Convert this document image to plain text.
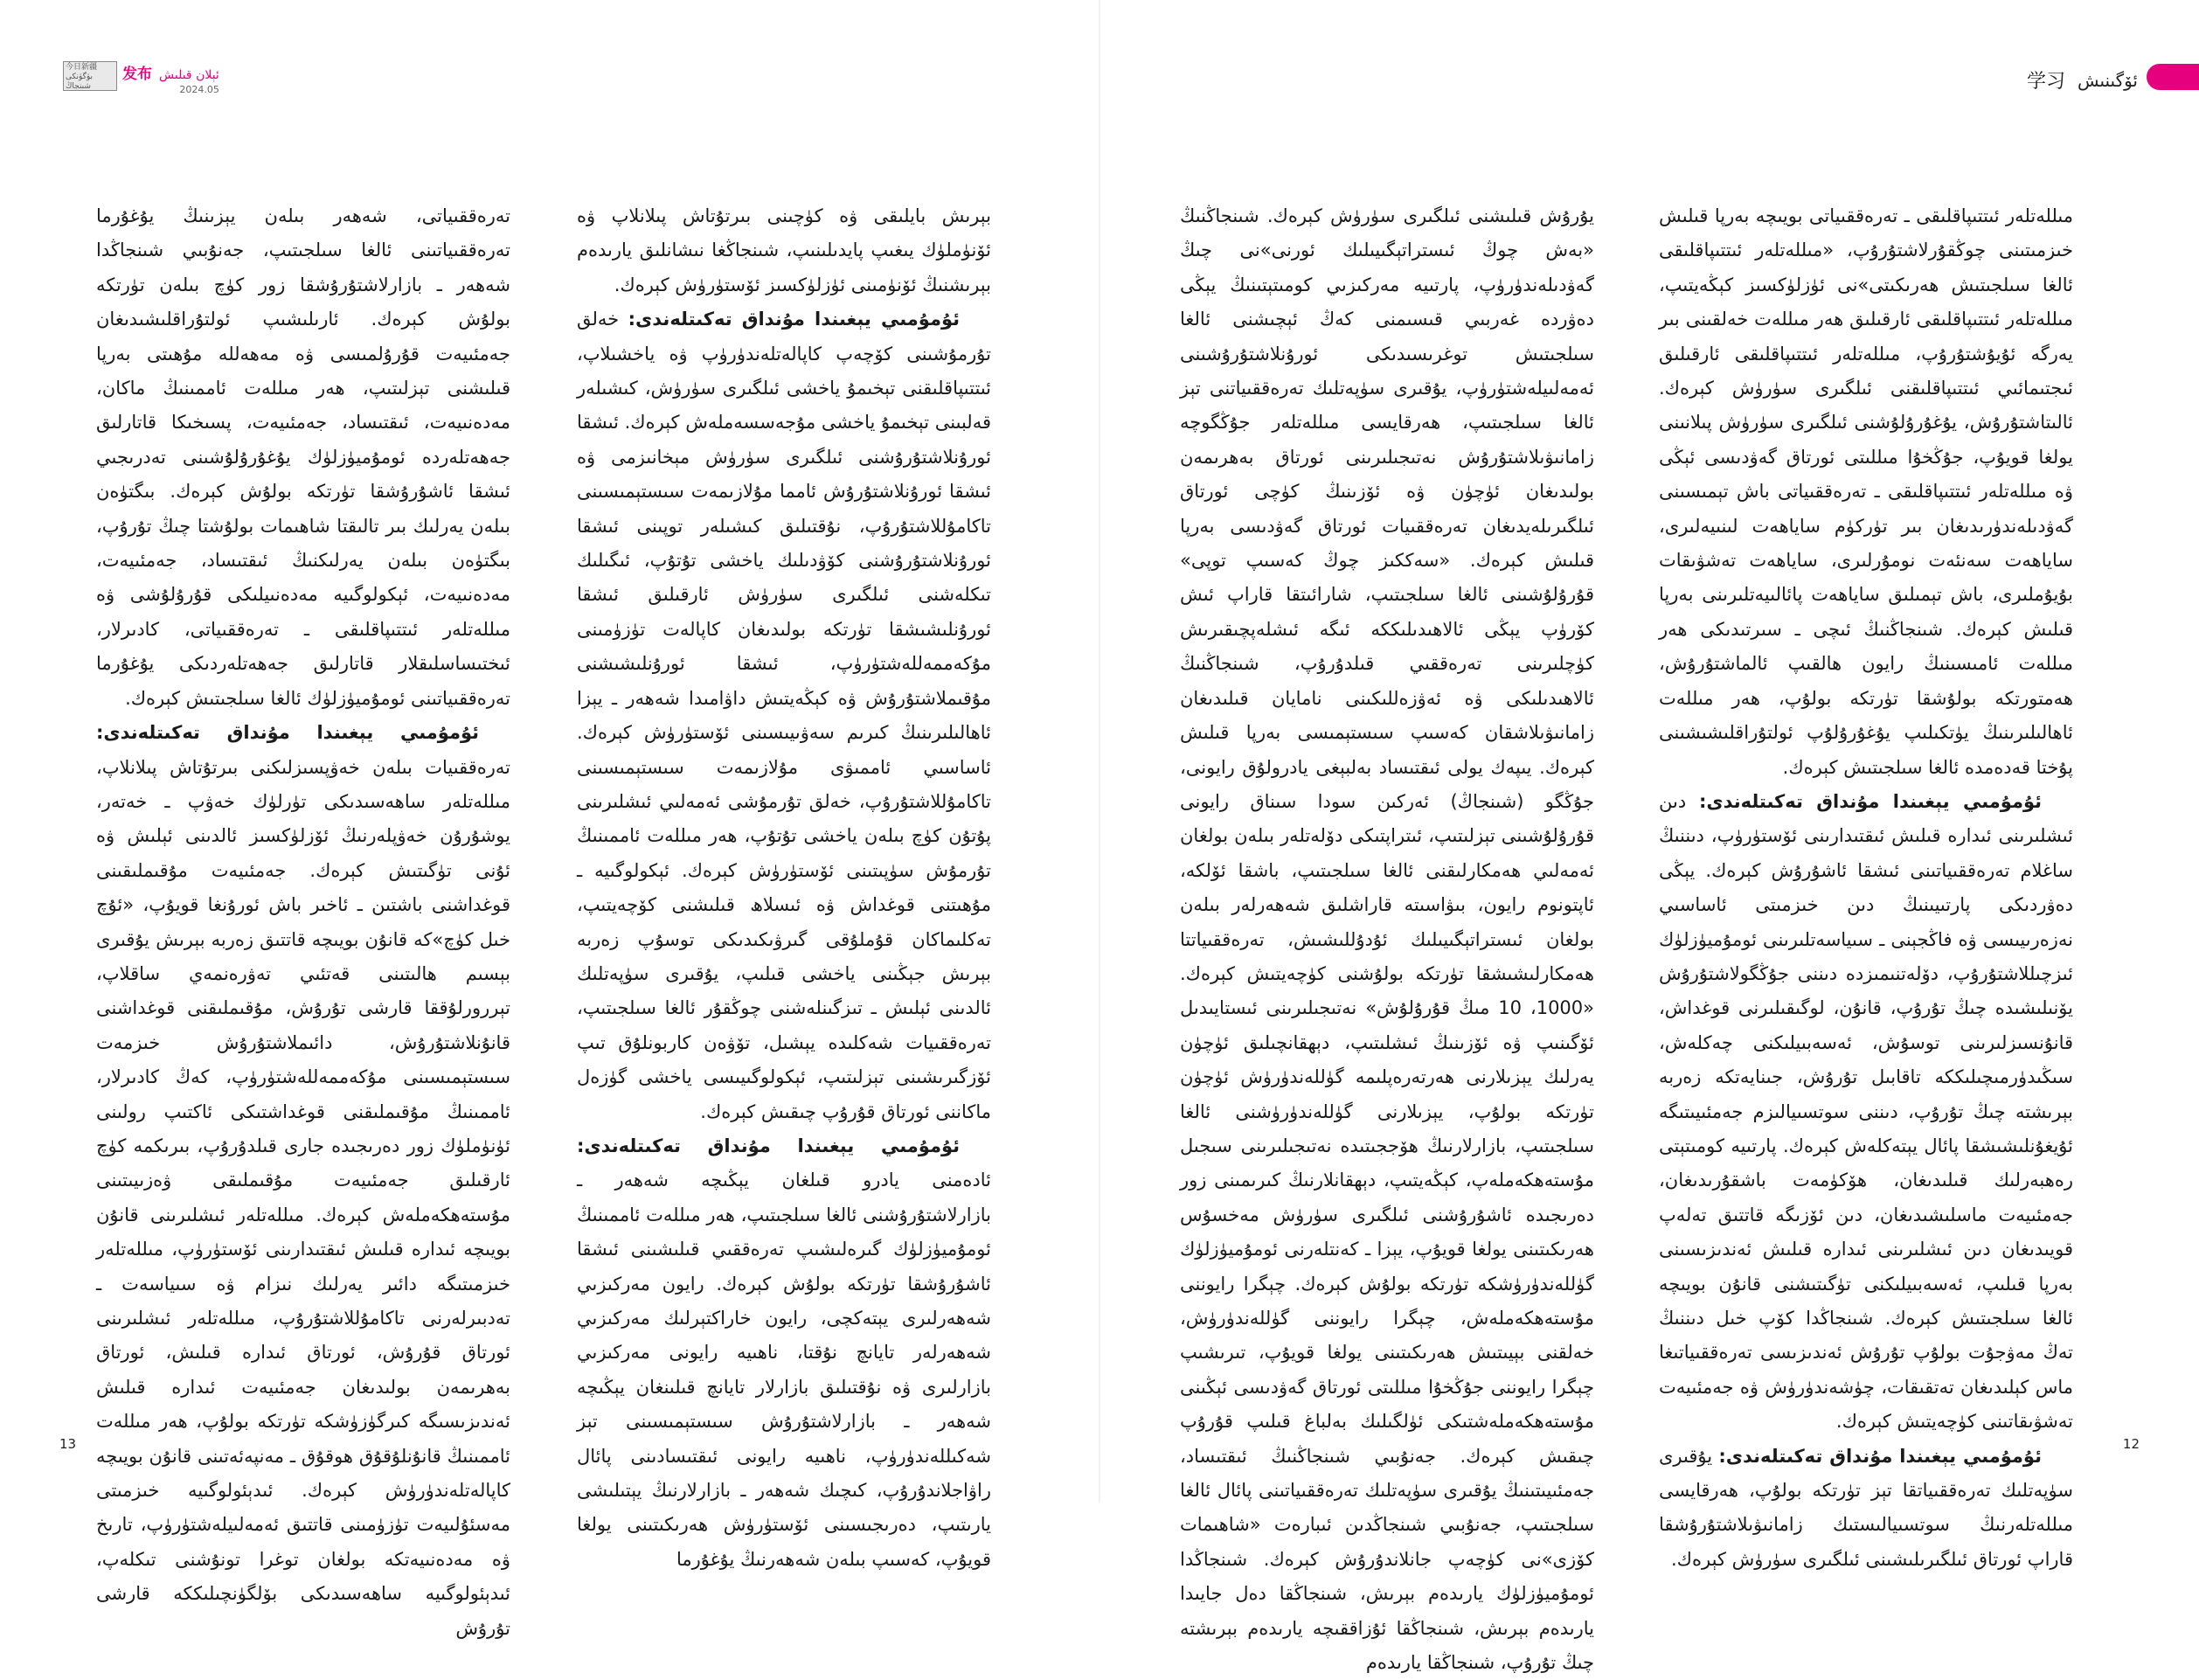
今日新疆 بۈگۈنكى شىنجاڭ
发布 ئېلان قىلىش
2024.05

تەرەققىياتى، شەھەر بىلەن يېزىنىڭ يۇغۇرما تەرەققىياتىنى ئالغا سىلجىتىپ، جەنۇبىي شىنجاڭدا شەھەر ـ بازارلاشتۇرۇشقا زور كۈچ بىلەن تۈرتكە بولۇش كېرەك. ئارىلىشىپ ئولتۇراقلىشىدىغان جەمئىيەت قۇرۇلمىسى ۋە مەھەللە مۇھىتى بەرپا قىلىشنى تېزلىتىپ، ھەر مىللەت ئاممىنىڭ ماكان، مەدەنىيەت، ئىقتىساد، جەمئىيەت، پسىخىكا قاتارلىق جەھەتلەردە ئومۇميۈزلۈك يۇغۇرۇلۇشىنى تەدرىجىي ئىشقا ئاشۇرۇشقا تۈرتكە بولۇش كېرەك. بىگتۈەن بىلەن يەرلىك بىر تالىقتا شاھىمات بولۇشتا چىڭ تۇرۇپ، بىگتۈەن بىلەن يەرلىكنىڭ ئىقتىساد، جەمئىيەت، مەدەنىيەت، ئېكولوگىيە مەدەنىيلىكى قۇرۇلۇشى ۋە مىللەتلەر ئىتتىپاقلىقى ـ تەرەققىياتى، كادىرلار، ئىختىساسلىقلار قاتارلىق جەھەتلەردىكى يۇغۇرما تەرەققىياتىنى ئومۇميۈزلۈك ئالغا سىلجىتىش كېرەك.

ئۇمۇمىي يېغىندا مۇنداق تەكىتلەندى: تەرەققىيات بىلەن خەۋپسىزلىكنى بىرتۇتاش پىلانلاپ، مىللەتلەر ساھەسىدىكى تۈرلۈك خەۋپ ـ خەتەر، يوشۇرۇن خەۋپلەرنىڭ ئۆزلۈكسىز ئالدىنى ئېلىش ۋە ئۇنى تۈگىتىش كېرەك. جەمئىيەت مۇقىملىقىنى قوغداشنى باشتىن ـ ئاخىر باش ئورۇنغا قويۇپ، «ئۇچ خىل كۈچ»كە قانۇن بويىچە قاتتىق زەربە بېرىش يۇقىرى بېسىم ھالىتىنى قەتئىي تەۋرەنمەي ساقلاپ، تېررورلۇققا قارشى تۇرۇش، مۇقىملىقنى قوغداشنى قانۇنلاشتۇرۇش، دائىملاشتۇرۇش خىزمەت سىستېمىسىنى مۇكەممەللەشتۈرۈپ، كەڭ كادىرلار، ئاممىنىڭ مۇقىملىقنى قوغداشتىكى ئاكتىپ رولىنى ئۈنۈملۈك زور دەرىجىدە جارى قىلدۇرۇپ، بىرىكمە كۈچ ئارقىلىق جەمئىيەت مۇقىملىقى ۋەزىيىتىنى مۇستەھكەملەش كېرەك. مىللەتلەر ئىشلىرىنى قانۇن بويىچە ئىدارە قىلىش ئىقتىدارىنى ئۆستۈرۈپ، مىللەتلەر خىزمىتىگە دائىر يەرلىك نىزام ۋە سىياسەت ـ تەدبىرلەرنى تاكامۇللاشتۇرۇپ، مىللەتلەر ئىشلىرىنى ئورتاق قۇرۇش، ئورتاق ئىدارە قىلىش، ئورتاق بەھرىمەن بولىدىغان جەمئىيەت ئىدارە قىلىش ئەندىزىسىگە كىرگۈزۈشكە تۈرتكە بولۇپ، ھەر مىللەت ئاممىنىڭ قانۇنلۇقۇق ھوقۇق ـ مەنپەئەتىنى قانۇن بويىچە كاپالەتلەندۈرۈش كېرەك. ئىدېئولوگىيە خىزمىتى مەسئۇلىيەت تۈزۈمىنى قاتتىق ئەمەلىيلەشتۈرۈپ، تارىخ ۋە مەدەنىيەتكە بولغان توغرا تونۇشنى تىكلەپ، ئىدېئولوگىيە ساھەسىدىكى بۆلگۈنچىلىككە قارشى تۇرۇش

بېرىش بايلىقى ۋە كۈچىنى بىرتۇتاش پىلانلاپ ۋە ئۆنۈملۈك يىغىپ پايدىلىنىپ، شىنجاڭغا نىشانلىق يارىدەم بېرىشنىڭ ئۆنۈمىنى ئۈزلۈكسىز ئۆستۈرۈش كېرەك.

ئۇمۇمىي يېغىندا مۇنداق تەكىتلەندى: خەلق تۇرمۇشىنى كۆچەپ كاپالەتلەندۈرۈپ ۋە ياخشىلاپ، ئىتتىپاقلىقنى تېخىمۇ ياخشى ئىلگىرى سۈرۈش، كىشىلەر قەلبىنى تېخىمۇ ياخشى مۇجەسسەملەش كېرەك. ئىشقا ئورۇنلاشتۇرۇشنى ئىلگىرى سۈرۈش مېخانىزمى ۋە ئىشقا ئورۇنلاشتۇرۇش ئامما مۇلازىمەت سىستېمىسىنى تاكامۇللاشتۇرۇپ، نۇقتىلىق كىشىلەر توپىنى ئىشقا ئورۇنلاشتۇرۇشنى كۆۋدىلىك ياخشى تۇتۇپ، ئىگىلىك تىكلەشنى ئىلگىرى سۈرۈش ئارقىلىق ئىشقا ئورۇنلىشىشقا تۈرتكە بولىدىغان كاپالەت تۈزۈمىنى مۇكەممەللەشتۈرۈپ، ئىشقا ئورۇنلىشىشنى مۇقىملاشتۇرۇش ۋە كېڭەيتىش داۋامىدا شەھەر ـ يېزا ئاھالىلىرىنىڭ كىرىم سەۋىيىسىنى ئۆستۈرۈش كېرەك. ئاساسىي ئاممىۋى مۇلازىمەت سىستېمىسىنى تاكامۇللاشتۇرۇپ، خەلق تۇرمۇشى ئەمەلىي ئىشلىرىنى پۇتۇن كۈچ بىلەن ياخشى تۇتۇپ، ھەر مىللەت ئاممىنىڭ تۇرمۇش سۈپىتىنى ئۆستۈرۈش كېرەك. ئېكولوگىيە ـ مۇھىتنى قوغداش ۋە ئىسلاھ قىلىشنى كۆچەيتىپ، تەكلىماكان قۇملۇقى گىرۋىكىدىكى توسۇپ زەربە بېرىش جېڭىنى ياخشى قىلىپ، يۇقىرى سۈپەتلىك ئالدىنى ئېلىش ـ تىزگىنلەشنى چوڭقۇر ئالغا سىلجىتىپ، تەرەققىيات شەكلىدە يېشىل، تۆۋەن كاربونلۇق تىپ ئۆزگىرىشىنى تېزلىتىپ، ئېكولوگىيىسى ياخشى گۈزەل ماكاننى ئورتاق قۇرۇپ چىقىش كېرەك.

ئۇمۇمىي يېغىندا مۇنداق تەكىتلەندى: ئادەمنى يادرو قىلغان يېڭىچە شەھەر ـ بازارلاشتۇرۇشنى ئالغا سىلجىتىپ، ھەر مىللەت ئاممىنىڭ ئومۇميۈزلۈك گىرەلىشىپ تەرەققىي قىلىشىنى ئىشقا ئاشۇرۇشقا تۈرتكە بولۇش كېرەك. رايون مەركىزىي شەھەرلىرى يېتەكچى، رايون خاراكتېرلىك مەركىزىي شەھەرلەر تايانچ نۇقتا، ناھىيە رايونى مەركىزىي بازارلىرى ۋە نۇقتىلىق بازارلار تايانچ قىلىنغان يېڭىچە شەھەر ـ بازارلاشتۇرۇش سىستېمىسىنى تېز شەكىللەندۈرۈپ، ناھىيە رايونى ئىقتىسادىنى پائال راۋاجلاندۇرۇپ، كىچىك شەھەر ـ بازارلارنىڭ يېتىلىشى يارىتىپ، دەرىجىسىنى ئۆستۈرۈش ھەرىكىتىنى يولغا قويۇپ، كەسىپ بىلەن شەھەرنىڭ يۇغۇرما

13
学习 ئۆگىنىش

مىللەتلەر ئىتتىپاقلىقى ـ تەرەققىياتى بويىچە بەرپا قىلىش خىزمىتىنى چوڭقۇرلاشتۇرۇپ، «مىللەتلەر ئىتتىپاقلىقى ئالغا سىلجىتىش ھەرىكىتى»نى ئۈزلۈكسىز كېڭەيتىپ، مىللەتلەر ئىتتىپاقلىقى ئارقىلىق ھەر مىللەت خەلقىنى بىر يەرگە ئۇيۇشتۇرۇپ، مىللەتلەر ئىتتىپاقلىقى ئارقىلىق ئىجتىمائىي ئىتتىپاقلىقنى ئىلگىرى سۈرۈش كېرەك. ئالىتاشتۇرۇش، يۇغۇرۇلۇشنى ئىلگىرى سۈرۈش پىلانىنى يولغا قويۇپ، جۇڭخۇا مىللىتى ئورتاق گەۋدىسى ئېڭى ۋە مىللەتلەر ئىتتىپاقلىقى ـ تەرەققىياتى باش تېمىسىنى گەۋدىلەندۈرىدىغان بىر تۈركۈم ساياھەت لىنىيەلىرى، ساياھەت سەنئەت نومۇرلىرى، ساياھەت تەشۋىقات بۇيۇملىرى، باش تېمىلىق ساياھەت پائالىيەتلىرىنى بەرپا قىلىش كېرەك. شىنجاڭنىڭ ئىچى ـ سىرتىدىكى ھەر مىللەت ئامىسىنىڭ رايون ھالقىپ ئالماشتۇرۇش، ھەمتورتكە بولۇشقا تۈرتكە بولۇپ، ھەر مىللەت ئاھالىلىرىنىڭ يۈتكىلىپ يۇغۇرۇلۇپ ئولتۇراقلىشىشىنى پۇختا قەدەمدە ئالغا سىلجىتىش كېرەك.

ئۇمۇمىي يېغىندا مۇنداق تەكىتلەندى: دىن ئىشلىرىنى ئىدارە قىلىش ئىقتىدارىنى ئۆستۈرۈپ، دىننىڭ ساغلام تەرەققىياتىنى ئىشقا ئاشۇرۇش كېرەك. يېڭى دەۋردىكى پارتىيىنىڭ دىن خىزمىتى ئاساسىي نەزەرىيىسى ۋە فاڭجېنى ـ سىياسەتلىرىنى ئومۇميۈزلۈك ئىزچىللاشتۇرۇپ، دۆلەتنىمىزدە دىننى جۇڭگولاشتۇرۇش يۆنىلىشىدە چىڭ تۇرۇپ، قانۇن، لوگىقىلىرنى قوغداش، قانۇنسىزلىرىنى توسۇش، ئەسەبىيلىكنى چەكلەش، سىڭىدۈرمىچىلىككە تاقابىل تۇرۇش، جىنايەتكە زەربە بېرىشتە چىڭ تۇرۇپ، دىننى سوتسىيالىزم جەمئىيىتىگە ئۇيغۇنلىشىشقا پائال يېتەكلەش كېرەك. پارتىيە كومىتېتى رەھبەرلىك قىلىدىغان، ھۆكۈمەت باشقۇرىدىغان، جەمئىيەت ماسلىشىدىغان، دىن ئۆزىگە قاتتىق تەلەپ قويىدىغان دىن ئىشلىرىنى ئىدارە قىلىش ئەندىزىسىنى بەرپا قىلىپ، ئەسەبىيلىكنى تۈگىتىشنى قانۇن بويىچە ئالغا سىلجىتىش كېرەك. شىنجاڭدا كۆپ خىل دىننىڭ تەڭ مەۋجۇت بولۇپ تۇرۇش ئەندىزىسى تەرەققىياتىغا ماس كېلىدىغان تەتقىقات، چۈشەندۈرۈش ۋە جەمئىيەت تەشۋىقاتىنى كۈچەيتىش كېرەك.

ئۇمۇمىي يېغىندا مۇنداق تەكىتلەندى: يۇقىرى سۈپەتلىك تەرەققىياتقا تېز تۈرتكە بولۇپ، ھەرقايسى مىللەتلەرنىڭ سوتسىيالىستىك زامانىۋىلاشتۇرۇشقا قاراپ ئورتاق ئىلگىرىلىشىنى ئىلگىرى سۈرۈش كېرەك.

يۇرۇش قىلىشنى ئىلگىرى سۈرۈش كېرەك. شىنجاڭنىڭ «بەش چوڭ ئىستراتېگىيىلىك ئورنى»نى چىڭ گەۋدىلەندۈرۈپ، پارتىيە مەركىزىي كومىتېتىنىڭ يېڭى دەۋردە غەربىي قىسىمنى كەڭ ئېچىشنى ئالغا سىلجىتىش توغرىسىدىكى ئورۇنلاشتۇرۇشىنى ئەمەلىيلەشتۈرۈپ، يۇقىرى سۈپەتلىك تەرەققىياتنى تېز ئالغا سىلجىتىپ، ھەرقايسى مىللەتلەر جۇڭگوچە زامانىۋىلاشتۇرۇش نەتىجىلىرىنى ئورتاق بەھرىمەن بولىدىغان ئۈچۈن ۋە ئۆزىنىڭ كۈچى ئورتاق ئىلگىرىلەيدىغان تەرەققىيات ئورتاق گەۋدىسى بەرپا قىلىش كېرەك. «سەككىز چوڭ كەسىپ توپى» قۇرۇلۇشىنى ئالغا سىلجىتىپ، شارائىتقا قاراپ ئىش كۆرۈپ يېڭى ئالاھىدىلىككە ئىگە ئىشلەپچىقىرىش كۈچلىرىنى تەرەققىي قىلدۇرۇپ، شىنجاڭنىڭ ئالاھىدىلىكى ۋە ئەۋزەللىكىنى نامايان قىلىدىغان زامانىۋىلاشقان كەسىپ سىستېمىسى بەرپا قىلىش كېرەك. يىپەك يولى ئىقتىساد بەلبېغى يادرولۇق رايونى، جۇڭگو (شىنجاڭ) ئەركىن سودا سىناق رايونى قۇرۇلۇشىنى تېزلىتىپ، ئىتراپتىكى دۆلەتلەر بىلەن بولغان ئەمەلىي ھەمكارلىقنى ئالغا سىلجىتىپ، باشقا ئۆلكە، ئاپتونوم رايون، بىۋاسىتە قاراشلىق شەھەرلەر بىلەن بولغان ئىستراتېگىيىلىك ئۇدۇللىشىش، تەرەققىياتتا ھەمكارلىشىشقا تۈرتكە بولۇشنى كۈچەيتىش كېرەك. «1000، 10 مىڭ قۇرۇلۇش» نەتىجىلىرىنى ئىستايىدىل ئۆگىنىپ ۋە ئۆزىنىڭ ئىشلىتىپ، دېھقانچىلىق ئۈچۈن يەرلىك يېزىلارنى ھەرتەرەپلىمە گۈللەندۈرۈش ئۈچۈن تۈرتكە بولۇپ، يېزىلارنى گۈللەندۈرۈشنى ئالغا سىلجىتىپ، بازارلارنىڭ ھۆججىتىدە نەتىجىلىرىنى سىجىل مۇستەھكەملەپ، كېڭەيتىپ، دېھقانلارنىڭ كىرىمىنى زور دەرىجىدە ئاشۇرۇشنى ئىلگىرى سۈرۈش مەخسۇس ھەرىكىتىنى يولغا قويۇپ، يېزا ـ كەنتلەرنى ئومۇميۈزلۈك گۈللەندۈرۈشكە تۈرتكە بولۇش كېرەك. چېگرا رايوننى مۇستەھكەملەش، چېگرا رايوننى گۈللەندۈرۈش، خەلقنى بېيىتىش ھەرىكىتىنى يولغا قويۇپ، تىرىشىپ چېگرا رايوننى جۇڭخۇا مىللىتى ئورتاق گەۋدىسى ئېڭىنى مۇستەھكەملەشتىكى ئۈلگىلىك بەلباغ قىلىپ قۇرۇپ چىقىش كېرەك. جەنۇبىي شىنجاڭنىڭ ئىقتىساد، جەمئىيىتىنىڭ يۇقىرى سۈپەتلىك تەرەققىياتىنى پائال ئالغا سىلجىتىپ، جەنۇبىي شىنجاڭدىن ئىبارەت «شاھىمات كۆزى»نى كۈچەپ جانلاندۇرۇش كېرەك. شىنجاڭدا ئومۇميۈزلۈك يارىدەم بېرىش، شىنجاڭقا دەل جايىدا يارىدەم بېرىش، شىنجاڭقا ئۇزاققىچە يارىدەم بېرىشتە چىڭ تۇرۇپ، شىنجاڭقا يارىدەم

12
